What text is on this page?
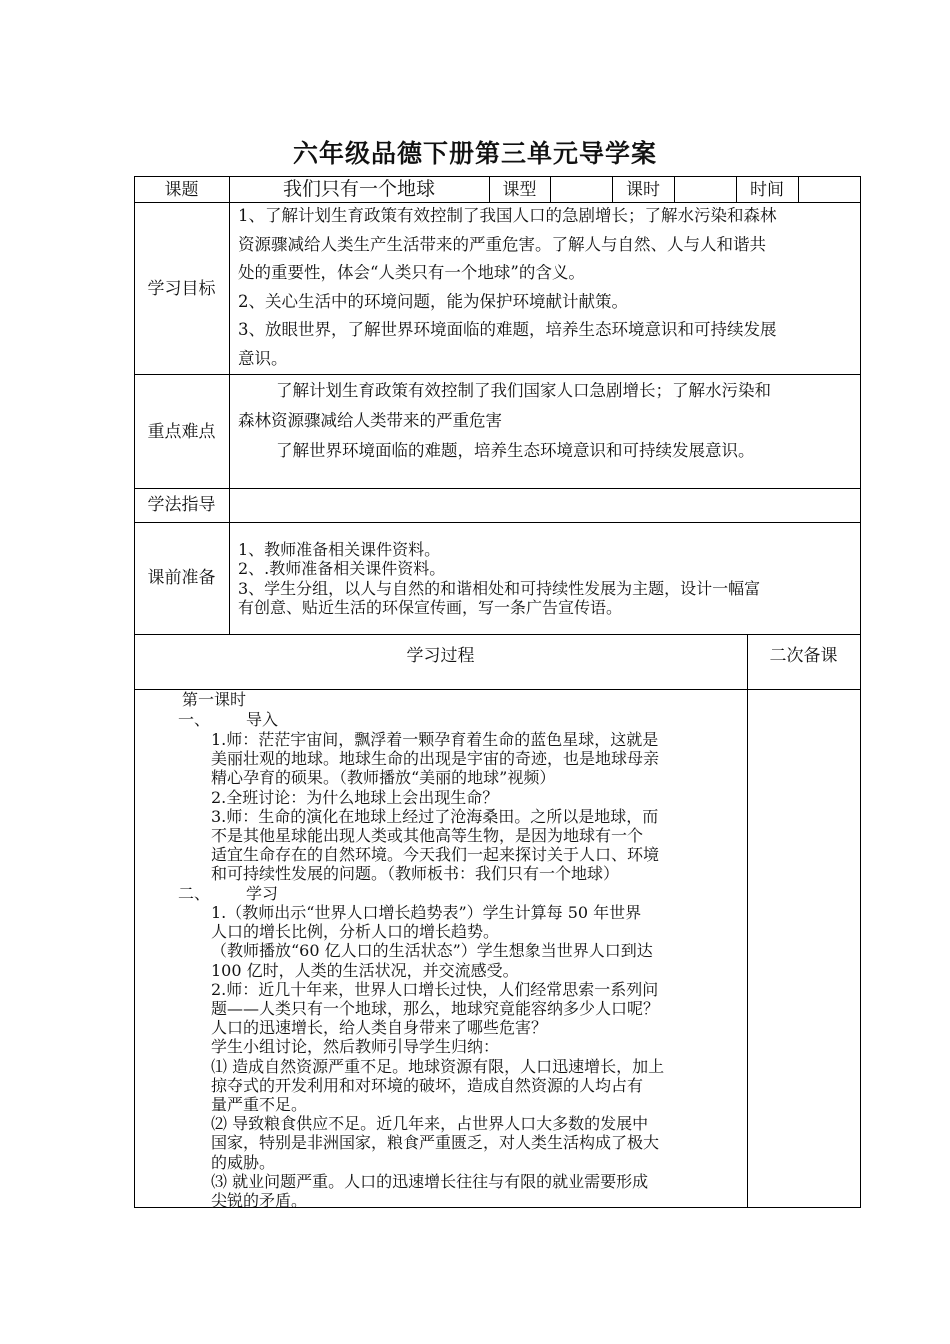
六年级品德下册第三单元导学案
课题	我们只有一个地球	课型	课时	时间
学习目标
1、了解计划生育政策有效控制了我国人口的急剧增长；了解水污染和森林
资源骤减给人类生产生活带来的严重危害。了解人与自然、人与人和谐共
处的重要性，体会“人类只有一个地球”的含义。
2、关心生活中的环境问题，能为保护环境献计献策。
3、放眼世界，了解世界环境面临的难题，培养生态环境意识和可持续发展
意识。
重点难点
了解计划生育政策有效控制了我们国家人口急剧增长；了解水污染和
森林资源骤减给人类带来的严重危害
了解世界环境面临的难题，培养生态环境意识和可持续发展意识。
学法指导
课前准备
1、教师准备相关课件资料。
2、.教师准备相关课件资料。
3、学生分组，以人与自然的和谐相处和可持续性发展为主题，设计一幅富
有创意、贴近生活的环保宣传画，写一条广告宣传语。
学习过程	二次备课
第一课时
一、 导入
1.师：茫茫宇宙间，飘浮着一颗孕育着生命的蓝色星球，这就是
美丽壮观的地球。地球生命的出现是宇宙的奇迹，也是地球母亲
精心孕育的硕果。（教师播放“美丽的地球”视频）
2.全班讨论：为什么地球上会出现生命？
3.师：生命的演化在地球上经过了沧海桑田。之所以是地球，而
不是其他星球能出现人类或其他高等生物，是因为地球有一个
适宜生命存在的自然环境。今天我们一起来探讨关于人口、环境
和可持续性发展的问题。（教师板书：我们只有一个地球）
二、 学习
1.（教师出示“世界人口增长趋势表”）学生计算每 50 年世界
人口的增长比例，分析人口的增长趋势。
（教师播放“60 亿人口的生活状态”）学生想象当世界人口到达
100 亿时，人类的生活状况，并交流感受。
2.师：近几十年来，世界人口增长过快，人们经常思索一系列问
题——人类只有一个地球，那么，地球究竟能容纳多少人口呢？
人口的迅速增长，给人类自身带来了哪些危害？
学生小组讨论，然后教师引导学生归纳：
⑴ 造成自然资源严重不足。地球资源有限，人口迅速增长，加上
掠夺式的开发利用和对环境的破坏，造成自然资源的人均占有
量严重不足。
⑵ 导致粮食供应不足。近几年来，占世界人口大多数的发展中
国家，特别是非洲国家，粮食严重匮乏，对人类生活构成了极大
的威胁。
⑶ 就业问题严重。人口的迅速增长往往与有限的就业需要形成
尖锐的矛盾。
